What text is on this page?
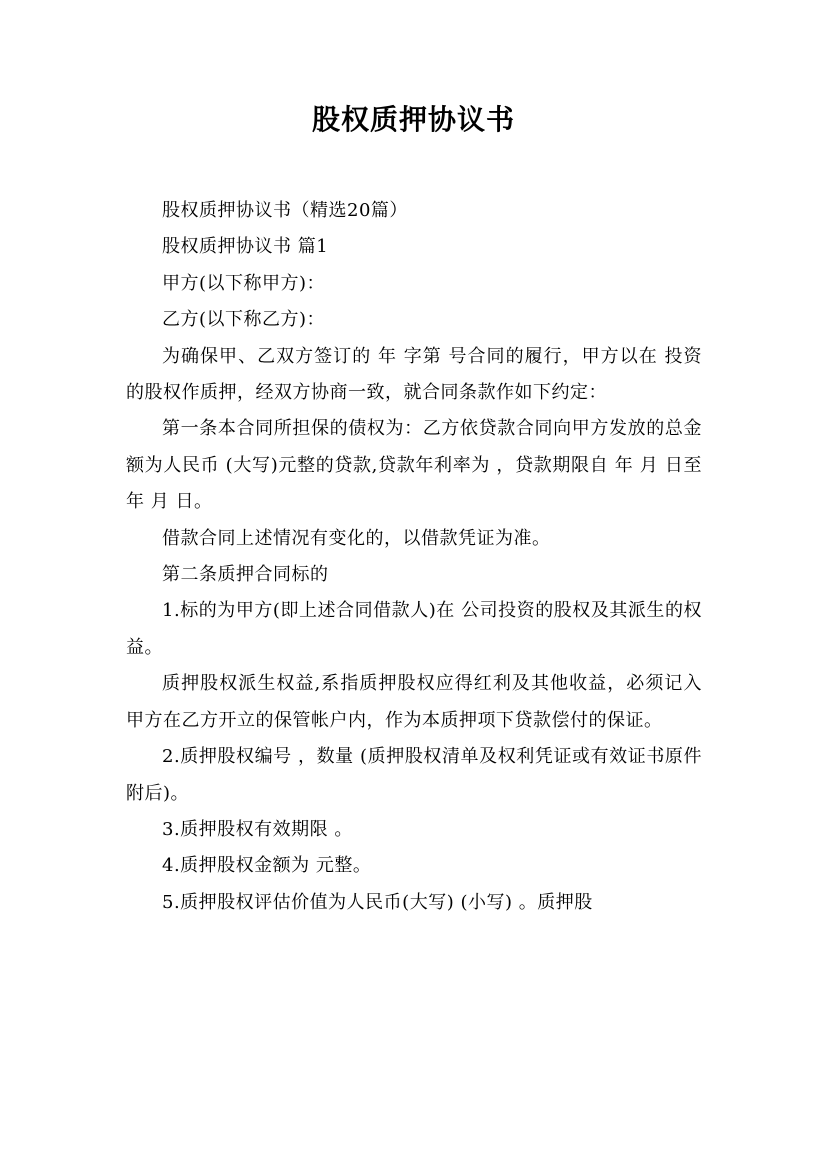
股权质押协议书

股权质押协议书（精选20篇）

股权质押协议书 篇1

甲方(以下称甲方)：

乙方(以下称乙方)：

为确保甲、乙双方签订的 年 字第 号合同的履行，甲方以在 投资的股权作质押，经双方协商一致，就合同条款作如下约定：

第一条本合同所担保的债权为：乙方依贷款合同向甲方发放的总金额为人民币 (大写)元整的贷款,贷款年利率为 ，贷款期限自 年 月 日至 年 月 日。

借款合同上述情况有变化的，以借款凭证为准。

第二条质押合同标的

1.标的为甲方(即上述合同借款人)在 公司投资的股权及其派生的权益。

质押股权派生权益,系指质押股权应得红利及其他收益，必须记入甲方在乙方开立的保管帐户内，作为本质押项下贷款偿付的保证。

2.质押股权编号 ，数量 (质押股权清单及权利凭证或有效证书原件附后)。

3.质押股权有效期限 。

4.质押股权金额为 元整。

5.质押股权评估价值为人民币(大写) (小写) 。质押股
